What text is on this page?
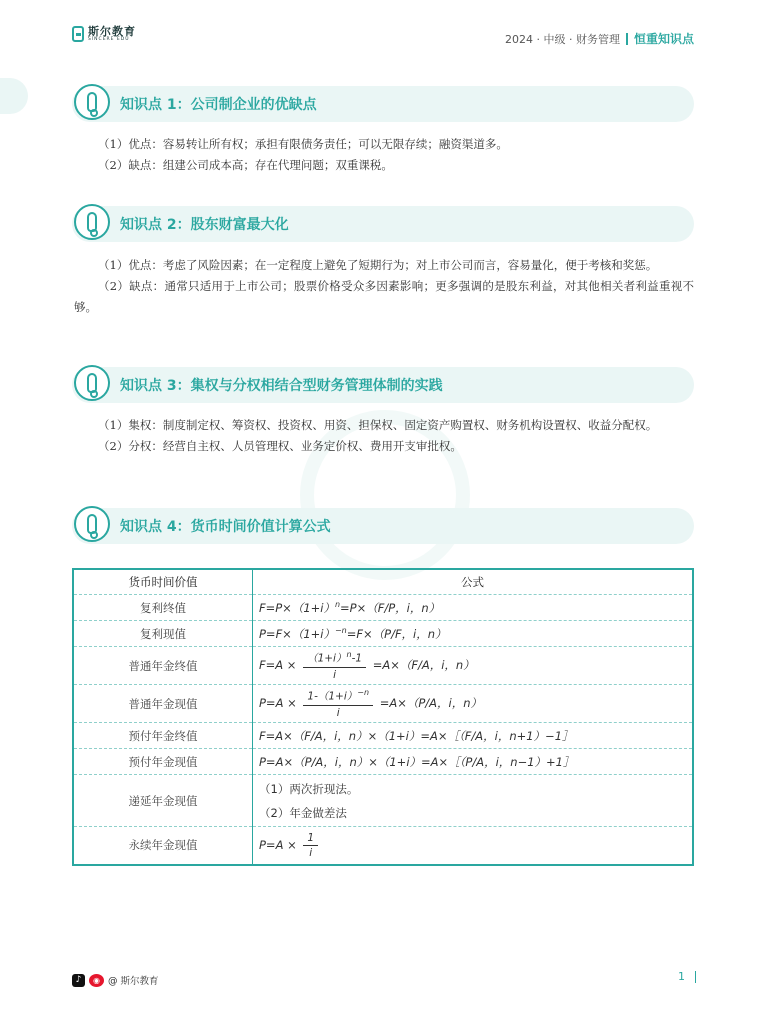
斯尔教育
SINCERE EDU	2024 · 中级 · 财务管理 恒重知识点
知识点 1：公司制企业的优缺点

（1）优点：容易转让所有权；承担有限债务责任；可以无限存续；融资渠道多。

（2）缺点：组建公司成本高；存在代理问题；双重课税。

知识点 2：股东财富最大化

（1）优点：考虑了风险因素；在一定程度上避免了短期行为；对上市公司而言，容易量化，便于考核和奖惩。

（2）缺点：通常只适用于上市公司；股票价格受众多因素影响；更多强调的是股东利益，对其他相关者利益重视不够。

知识点 3：集权与分权相结合型财务管理体制的实践

（1）集权：制度制定权、筹资权、投资权、用资、担保权、固定资产购置权、财务机构设置权、收益分配权。

（2）分权：经营自主权、人员管理权、业务定价权、费用开支审批权。

知识点 4：货币时间价值计算公式
货币时间价值	公式
复利终值	$F=P\times(1+i)^n=P\times(F/P$，i，n）
复利现值	$P=F\times(1+i)^{-n}=F\times(P/F$，i，n）
普通年金终值	$F=A \times \frac{(1+i)^n-1}{i} =A\times(F/A$，i，n）
普通年金现值	$P=A \times \frac{1-(1+i)^{-n}}{i} =A\times(P/A$，i，n）
预付年金终值	F=A×（F/A，i，n）×（1+i）=A×［（F/A，i，n+1）−1］
预付年金现值	P=A×（P/A，i，n）×（1+i）=A×［（P/A，i，n−1）+1］
递延年金现值	（1）两次折现法。
（2）年金做差法

永续年金现值	$P=A \times \frac{1}{i}$
♪	◉ @ 斯尔教育	1
